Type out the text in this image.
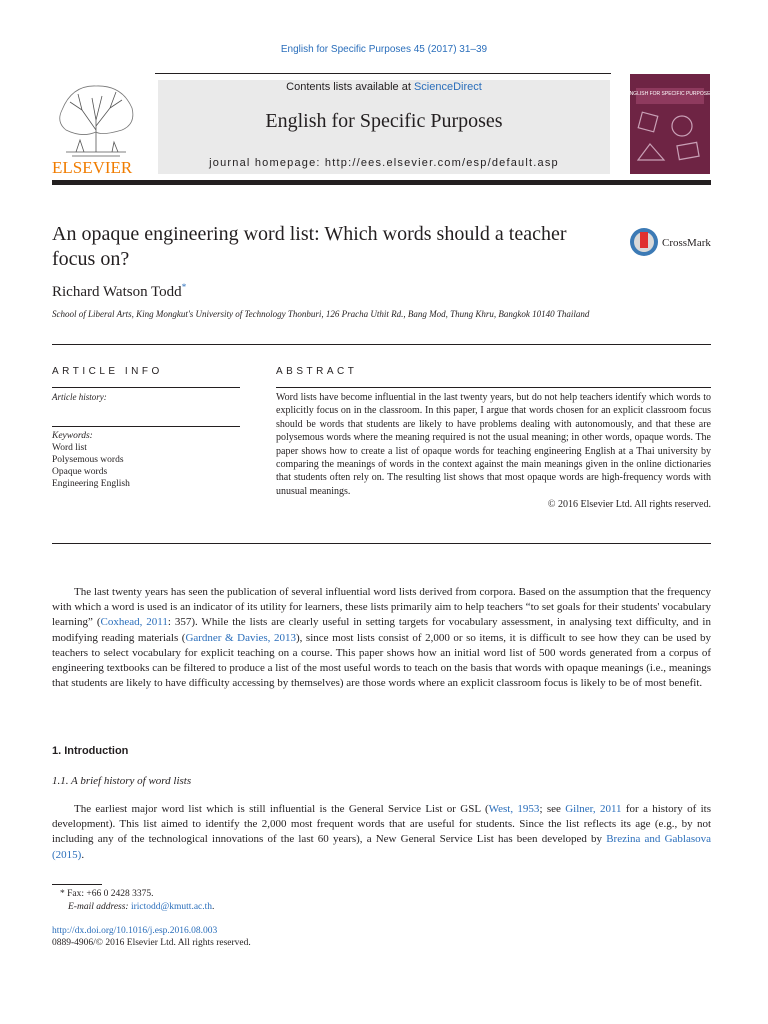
English for Specific Purposes 45 (2017) 31–39
ELSEVIER
Contents lists available at ScienceDirect
English for Specific Purposes
journal homepage: http://ees.elsevier.com/esp/default.asp
ENGLISH FOR SPECIFIC PURPOSES
An opaque engineering word list: Which words should a teacher focus on?
CrossMark
Richard Watson Todd*
School of Liberal Arts, King Mongkut's University of Technology Thonburi, 126 Pracha Uthit Rd., Bang Mod, Thung Khru, Bangkok 10140 Thailand
ARTICLE INFO	ABSTRACT
Article history:
Keywords:
Word list
Polysemous words
Opaque words
Engineering English
Word lists have become influential in the last twenty years, but do not help teachers identify which words to explicitly focus on in the classroom. In this paper, I argue that words chosen for an explicit classroom focus should be words that students are likely to have problems dealing with autonomously, and that these are polysemous words where the meaning required is not the usual meaning; in other words, opaque words. The paper shows how to create a list of opaque words for teaching engineering English at a Thai university by comparing the meanings of words in the context against the main meanings given in the online dictionaries that students often rely on. The resulting list shows that most opaque words are high-frequency words with unusual meanings.
© 2016 Elsevier Ltd. All rights reserved.
  The last twenty years has seen the publication of several influential word lists derived from corpora. Based on the assumption that the frequency with which a word is used is an indicator of its utility for learners, these lists primarily aim to help teachers “to set goals for their students' vocabulary learning” (Coxhead, 2011: 357). While the lists are clearly useful in setting targets for vocabulary assessment, in analysing text difficulty, and in modifying reading materials (Gardner & Davies, 2013), since most lists consist of 2,000 or so items, it is difficult to see how they can be used by teachers to select vocabulary for explicit teaching on a course. This paper shows how an initial word list of 500 words generated from a corpus of engineering textbooks can be filtered to produce a list of the most useful words to teach on the basis that words with opaque meanings (i.e., meanings that students are likely to have difficulty accessing by themselves) are those words where an explicit classroom focus is likely to be of most benefit.
1. Introduction
1.1. A brief history of word lists
  The earliest major word list which is still influential is the General Service List or GSL (West, 1953; see Gilner, 2011 for a history of its development). This list aimed to identify the 2,000 most frequent words that are useful for students. Since the list reflects its age (e.g., by not including any of the technological innovations of the last 60 years), a New General Service List has been developed by Brezina and Gablasova (2015).
* Fax: +66 0 2428 3375.
E-mail address: irictodd@kmutt.ac.th.
http://dx.doi.org/10.1016/j.esp.2016.08.003
0889-4906/© 2016 Elsevier Ltd. All rights reserved.
